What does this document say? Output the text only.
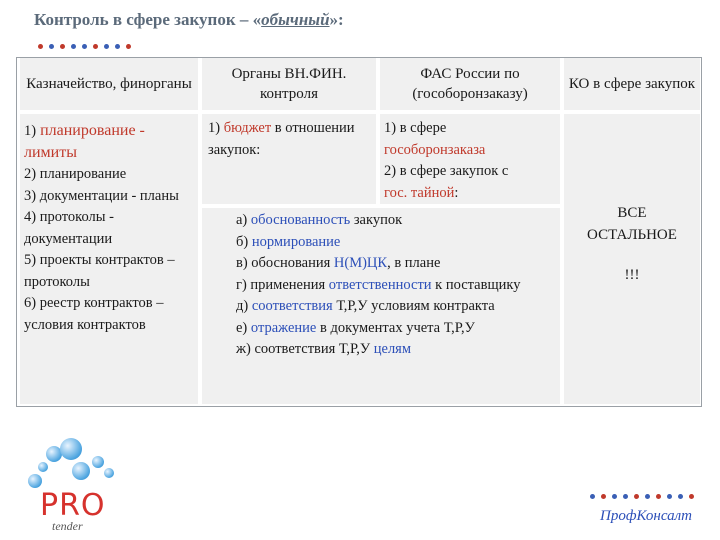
Контроль в сфере закупок – «обычный»:
Казначейство, финорганы
Органы ВН.ФИН. контроля
ФАС России по (гособоронзаказу)
КО в сфере закупок
1) планирование - лимиты
2) планирование
3) документации - планы
4) протоколы - документации
5) проекты контрактов – протоколы
6) реестр контрактов – условия контрактов
1) бюджет в отношении закупок:
1) в сфере
гособоронзаказа
2) в сфере закупок с
гос. тайной:
а) обоснованность закупок
б) нормирование
в) обоснования Н(М)ЦК, в плане
г) применения ответственности к поставщику
д) соответствия Т,Р,У условиям контракта
е) отражение в документах учета Т,Р,У
ж) соответствия Т,Р,У целям
ВСЕ
ОСТАЛЬНОЕ
!!!
PRO
tender
ПрофКонсалт
